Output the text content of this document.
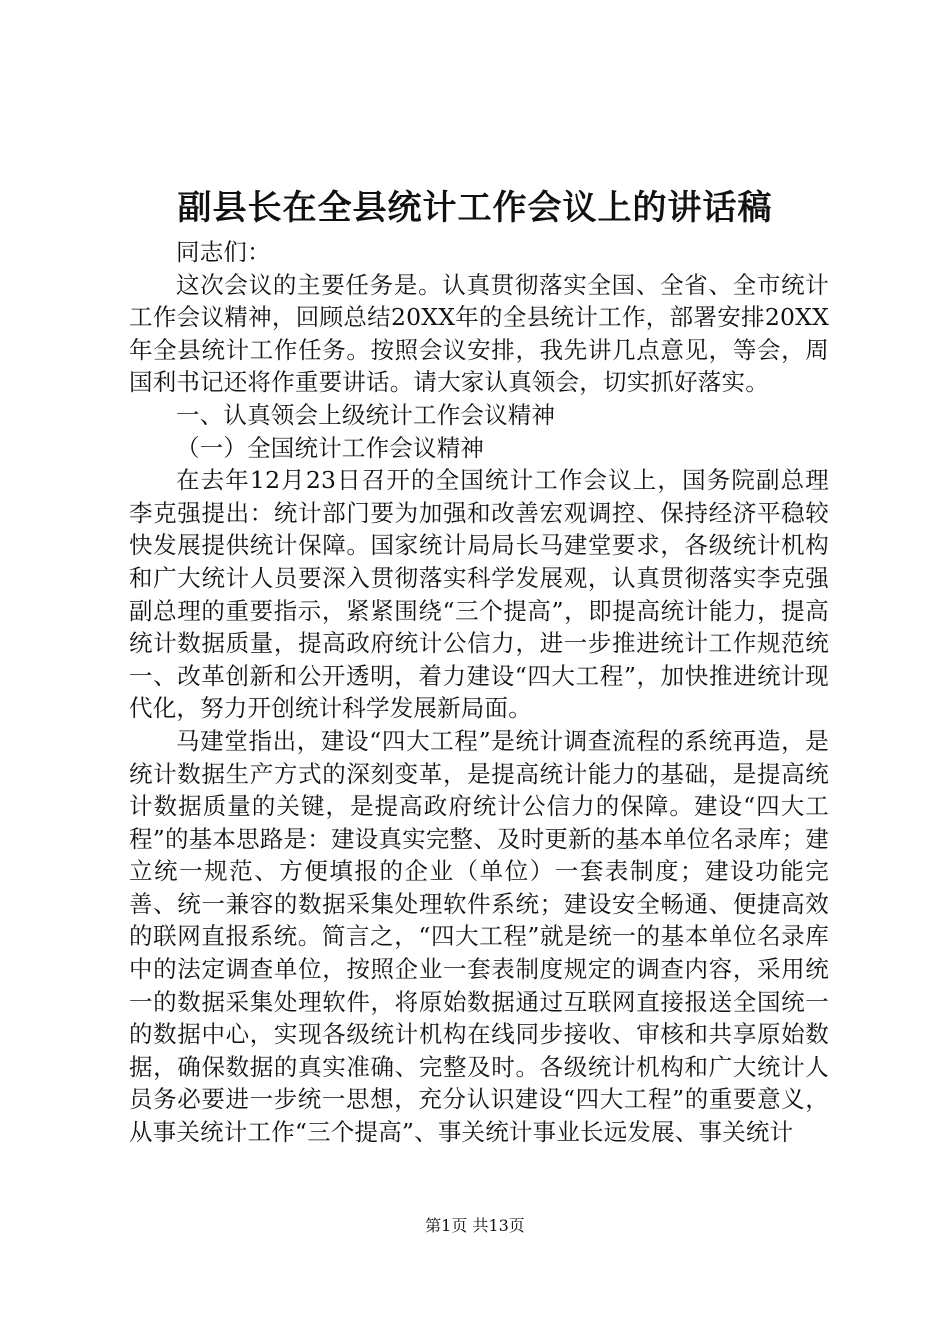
副县长在全县统计工作会议上的讲话稿

同志们：

这次会议的主要任务是。认真贯彻落实全国、全省、全市统计工作会议精神，回顾总结20XX年的全县统计工作，部署安排20XX年全县统计工作任务。按照会议安排，我先讲几点意见，等会，周国利书记还将作重要讲话。请大家认真领会，切实抓好落实。

一、认真领会上级统计工作会议精神

（一）全国统计工作会议精神

在去年12月23日召开的全国统计工作会议上，国务院副总理李克强提出：统计部门要为加强和改善宏观调控、保持经济平稳较快发展提供统计保障。国家统计局局长马建堂要求，各级统计机构和广大统计人员要深入贯彻落实科学发展观，认真贯彻落实李克强副总理的重要指示，紧紧围绕“三个提高”，即提高统计能力，提高统计数据质量，提高政府统计公信力，进一步推进统计工作规范统一、改革创新和公开透明，着力建设“四大工程”，加快推进统计现代化，努力开创统计科学发展新局面。

马建堂指出，建设“四大工程”是统计调查流程的系统再造，是统计数据生产方式的深刻变革，是提高统计能力的基础，是提高统计数据质量的关键，是提高政府统计公信力的保障。建设“四大工程”的基本思路是：建设真实完整、及时更新的基本单位名录库；建立统一规范、方便填报的企业（单位）一套表制度；建设功能完善、统一兼容的数据采集处理软件系统；建设安全畅通、便捷高效的联网直报系统。简言之，“四大工程”就是统一的基本单位名录库中的法定调查单位，按照企业一套表制度规定的调查内容，采用统一的数据采集处理软件，将原始数据通过互联网直接报送全国统一的数据中心，实现各级统计机构在线同步接收、审核和共享原始数据，确保数据的真实准确、完整及时。各级统计机构和广大统计人员务必要进一步统一思想，充分认识建设“四大工程”的重要意义，从事关统计工作“三个提高”、事关统计事业长远发展、事关统计

第1页 共13页
